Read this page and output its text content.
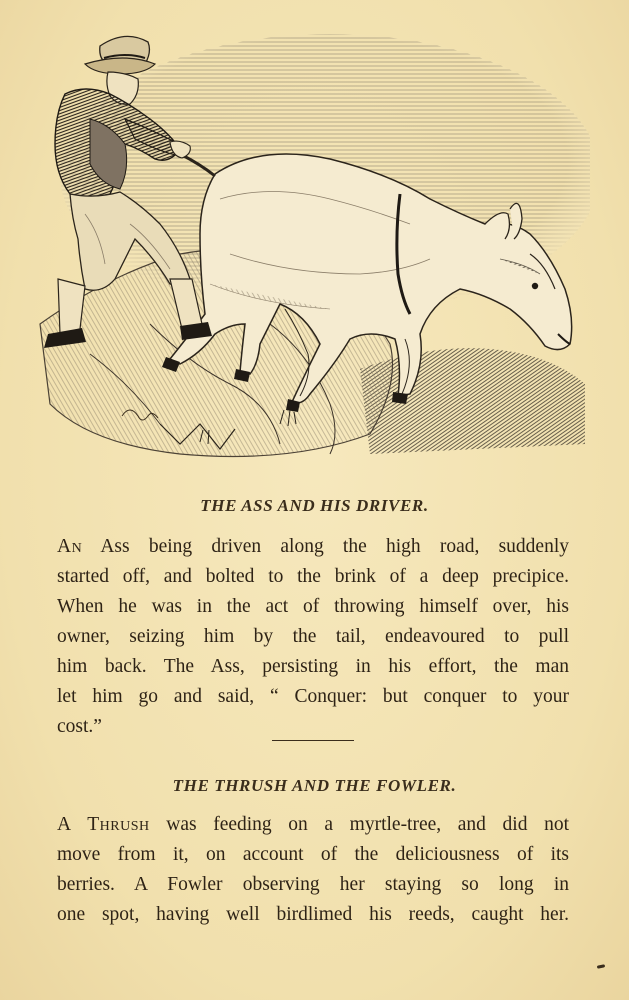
THE ASS AND HIS DRIVER.

An Ass being driven along the high road, suddenly
started off, and bolted to the brink of a deep precipice.
When he was in the act of throwing himself over, his
owner, seizing him by the tail, endeavoured to pull
him back. The Ass, persisting in his effort, the man
let him go and said, “ Conquer: but conquer to your
cost.”

THE THRUSH AND THE FOWLER.

A Thrush was feeding on a myrtle-tree, and did not
move from it, on account of the deliciousness of its
berries. A Fowler observing her staying so long in
one spot, having well birdlimed his reeds, caught her.
